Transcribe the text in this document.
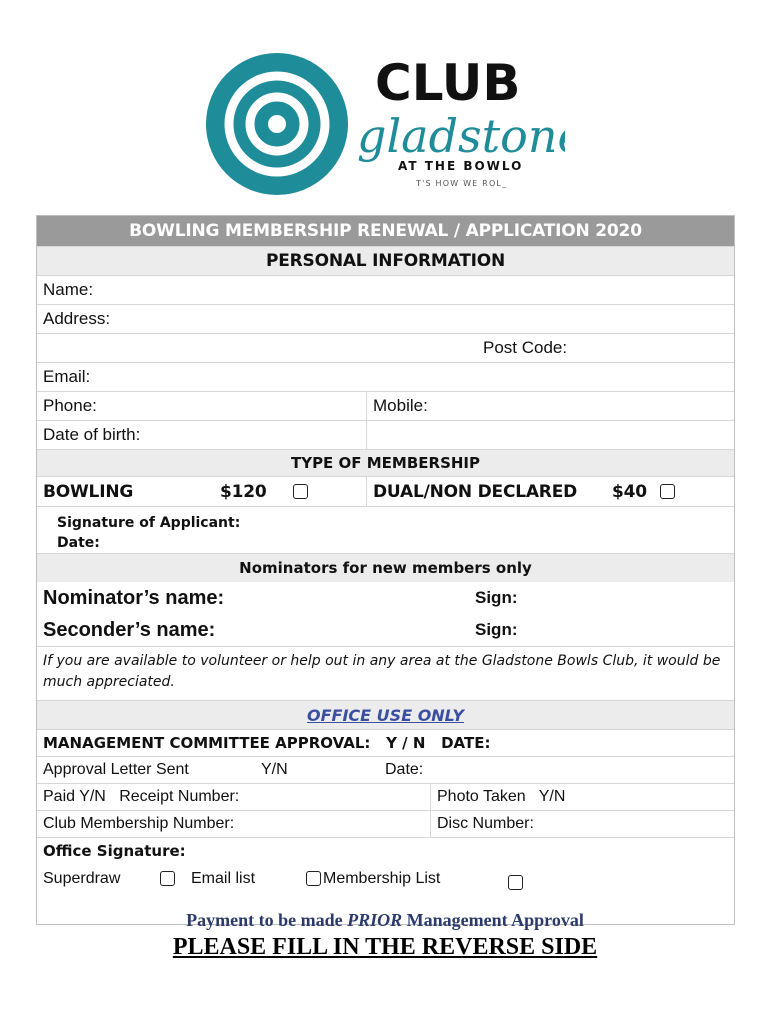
CLUB
gladstone
AT THE BOWLO
T'S HOW WE ROL_
BOWLING MEMBERSHIP RENEWAL / APPLICATION 2020
PERSONAL INFORMATION
Name:
Address:
Post Code:
Email:
Phone:	Mobile:
Date of birth:
TYPE OF MEMBERSHIP
BOWLING	$120	DUAL/NON DECLARED	$40
Signature of Applicant:
Date:
Nominators for new members only
Nominator’s name:	Sign:
Seconder’s name:	Sign:
If you are available to volunteer or help out in any area at the Gladstone Bowls Club, it would be much appreciated.
OFFICE USE ONLY
MANAGEMENT COMMITTEE APPROVAL:   Y / N   DATE:
Approval Letter Sent	Y/N	Date:
Paid Y/N   Receipt Number:	Photo Taken   Y/N
Club Membership Number:	Disc Number:
Office Signature:
Superdraw	Email list	Membership List
Payment to be made PRIOR Management Approval
PLEASE FILL IN THE REVERSE SIDE
